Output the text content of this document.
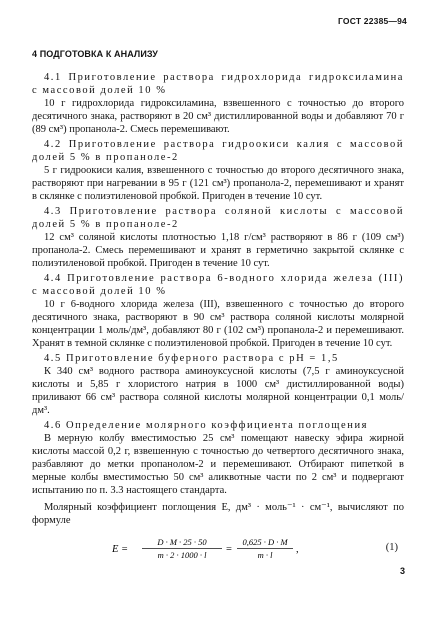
ГОСТ 22385—94
4 ПОДГОТОВКА К АНАЛИЗУ

4.1 Приготовление раствора гидрохлорида гидроксиламина с массовой долей 10 %

10 г гидрохлорида гидроксиламина, взвешенного с точностью до второго десятичного знака, растворяют в 20 см³ дистиллированной воды и добавляют 70 г (89 см³) пропанола-2. Смесь перемешивают.

4.2 Приготовление раствора гидроокиси калия с массовой долей 5 % в пропаноле-2

5 г гидроокиси калия, взвешенного с точностью до второго десятичного знака, растворяют при нагревании в 95 г (121 см³) пропанола-2, перемешивают и хранят в склянке с полиэтиленовой пробкой. Пригоден в течение 10 сут.

4.3 Приготовление раствора соляной кислоты с массовой долей 5 % в пропаноле-2

12 см³ соляной кислоты плотностью 1,18 г/см³ растворяют в 86 г (109 см³) пропанола-2. Смесь перемешивают и хранят в герметично закрытой склянке с полиэтиленовой пробкой. Пригоден в течение 10 сут.

4.4 Приготовление раствора 6-водного хлорида железа (III) с массовой долей 10 %

10 г 6-водного хлорида железа (III), взвешенного с точностью до второго десятичного знака, растворяют в 90 см³ раствора соляной кислоты молярной концентрации 1 моль/дм³, добавляют 80 г (102 см³) пропанола-2 и перемешивают. Хранят в темной склянке с полиэтиленовой пробкой. Пригоден в течение 10 сут.

4.5 Приготовление буферного раствора с pH = 1,5

К 340 см³ водного раствора аминоуксусной кислоты (7,5 г аминоуксусной кислоты и 5,85 г хлористого натрия в 1000 см³ дистиллированной воды) приливают 66 см³ раствора соляной кислоты молярной концентрации 0,1 моль/дм³.

4.6 Определение молярного коэффициента поглощения

В мерную колбу вместимостью 25 см³ помещают навеску эфира жирной кислоты массой 0,2 г, взвешенную с точностью до четвертого десятичного знака, разбавляют до метки пропанолом-2 и перемешивают. Отбирают пипеткой в мерные колбы вместимостью 50 см³ аликвотные части по 2 см³ и подвергают испытанию по п. 3.3 настоящего стандарта.

Молярный коэффициент поглощения E, дм³ · моль⁻¹ · см⁻¹, вычисляют по формуле

E =
D · M · 25 · 50
m · 2 · 1000 · l =
0,625 · D · M
m · l ,	(1)
3
